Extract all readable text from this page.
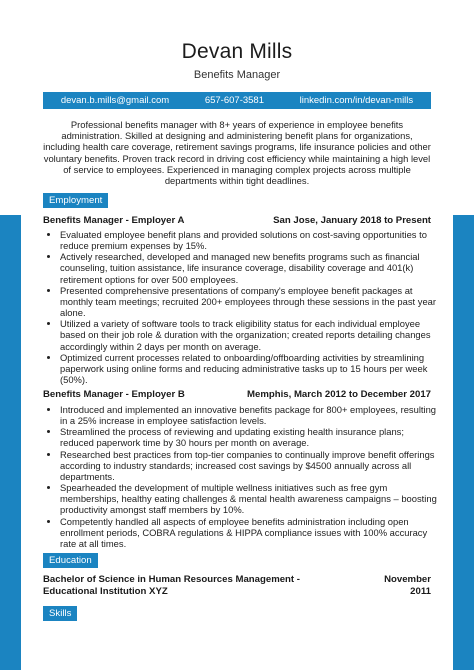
Devan Mills
Benefits Manager
devan.b.mills@gmail.com	657-607-3581	linkedin.com/in/devan-mills
Professional benefits manager with 8+ years of experience in employee benefits administration. Skilled at designing and administering benefit plans for organizations, including health care coverage, retirement savings programs, life insurance policies and other voluntary benefits. Proven track record in driving cost efficiency while maintaining a high level of service to employees. Experienced in managing complex projects across multiple departments within tight deadlines.
Employment
Benefits Manager - Employer A	San Jose, January 2018 to Present
• Evaluated employee benefit plans and provided solutions on cost-saving opportunities to reduce premium expenses by 15%.
• Actively researched, developed and managed new benefits programs such as financial counseling, tuition assistance, life insurance coverage, disability coverage and 401(k) retirement options for over 500 employees.
• Presented comprehensive presentations of company's employee benefit packages at monthly team meetings; recruited 200+ employees through these sessions in the past year alone.
• Utilized a variety of software tools to track eligibility status for each individual employee based on their job role & duration with the organization; created reports detailing changes accordingly within 2 days per month on average.
• Optimized current processes related to onboarding/offboarding activities by streamlining paperwork using online forms and reducing administrative tasks up to 15 hours per week (50%).
Benefits Manager - Employer B	Memphis, March 2012 to December 2017
• Introduced and implemented an innovative benefits package for 800+ employees, resulting in a 25% increase in employee satisfaction levels.
• Streamlined the process of reviewing and updating existing health insurance plans; reduced paperwork time by 30 hours per month on average.
• Researched best practices from top-tier companies to continually improve benefit offerings according to industry standards; increased cost savings by $4500 annually across all departments.
• Spearheaded the development of multiple wellness initiatives such as free gym memberships, healthy eating challenges & mental health awareness campaigns – boosting productivity amongst staff members by 10%.
• Competently handled all aspects of employee benefits administration including open enrollment periods, COBRA regulations & HIPPA compliance issues with 100% accuracy rate at all times.
Education
Bachelor of Science in Human Resources Management - Educational Institution XYZ
November 2011
Skills
